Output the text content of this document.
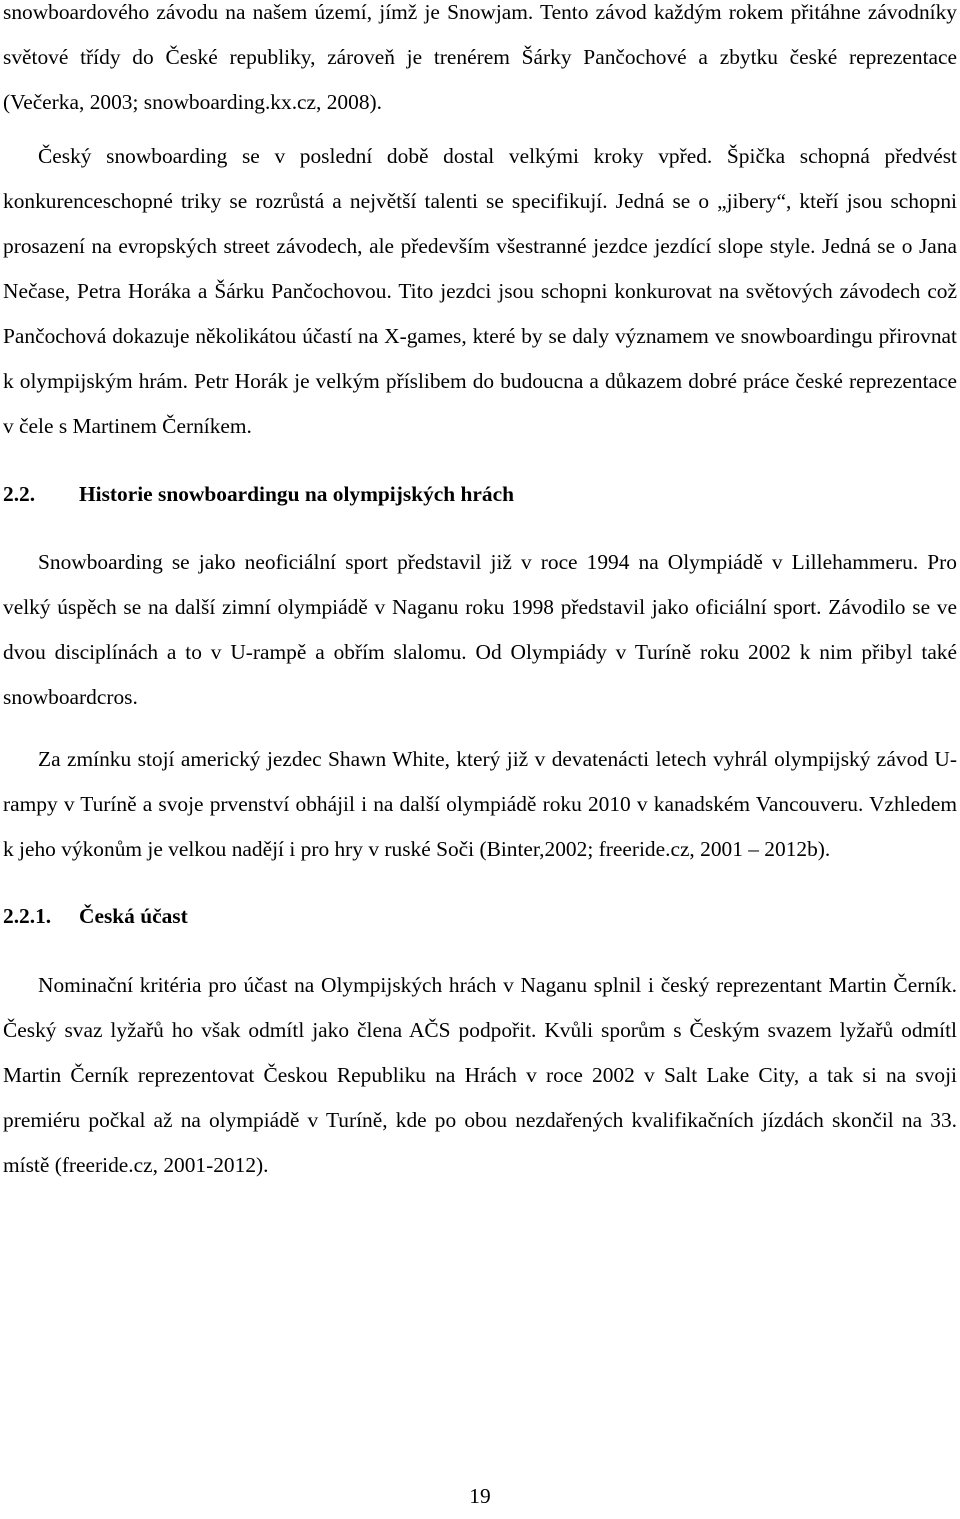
snowboardového závodu na našem území, jímž je Snowjam. Tento závod každým rokem přitáhne závodníky světové třídy do České republiky, zároveň je trenérem Šárky Pančochové a zbytku české reprezentace (Večerka, 2003; snowboarding.kx.cz, 2008).

Český snowboarding se v poslední době dostal velkými kroky vpřed. Špička schopná předvést konkurenceschopné triky se rozrůstá a největší talenti se specifikují. Jedná se o „jibery“, kteří jsou schopni prosazení na evropských street závodech, ale především všestranné jezdce jezdící slope style. Jedná se o Jana Nečase, Petra Horáka a Šárku Pančochovou. Tito jezdci jsou schopni konkurovat na světových závodech což Pančochová dokazuje několikátou účastí na X-games, které by se daly významem ve snowboardingu přirovnat k olympijským hrám. Petr Horák je velkým příslibem do budoucna a důkazem dobré práce české reprezentace v čele s Martinem Černíkem.

2.2.	Historie snowboardingu na olympijských hrách

Snowboarding se jako neoficiální sport představil již v roce 1994 na Olympiádě v Lillehammeru. Pro velký úspěch se na další zimní olympiádě v Naganu roku 1998 představil jako oficiální sport. Závodilo se ve dvou disciplínách a to v U-rampě a obřím slalomu. Od Olympiády v Turíně roku 2002 k nim přibyl také snowboardcros.

Za zmínku stojí americký jezdec Shawn White, který již v devatenácti letech vyhrál olympijský závod U-rampy v Turíně a svoje prvenství obhájil i na další olympiádě roku 2010 v kanadském Vancouveru. Vzhledem k jeho výkonům je velkou nadějí i pro hry v ruské Soči (Binter,2002; freeride.cz, 2001 – 2012b).

2.2.1.	Česká účast

Nominační kritéria pro účast na Olympijských hrách v Naganu splnil i český reprezentant Martin Černík. Český svaz lyžařů ho však odmítl jako člena AČS podpořit. Kvůli sporům s Českým svazem lyžařů odmítl Martin Černík reprezentovat Českou Republiku na Hrách v roce 2002 v Salt Lake City, a tak si na svoji premiéru počkal až na olympiádě v Turíně, kde po obou nezdařených kvalifikačních jízdách skončil na 33. místě (freeride.cz, 2001-2012).

19
